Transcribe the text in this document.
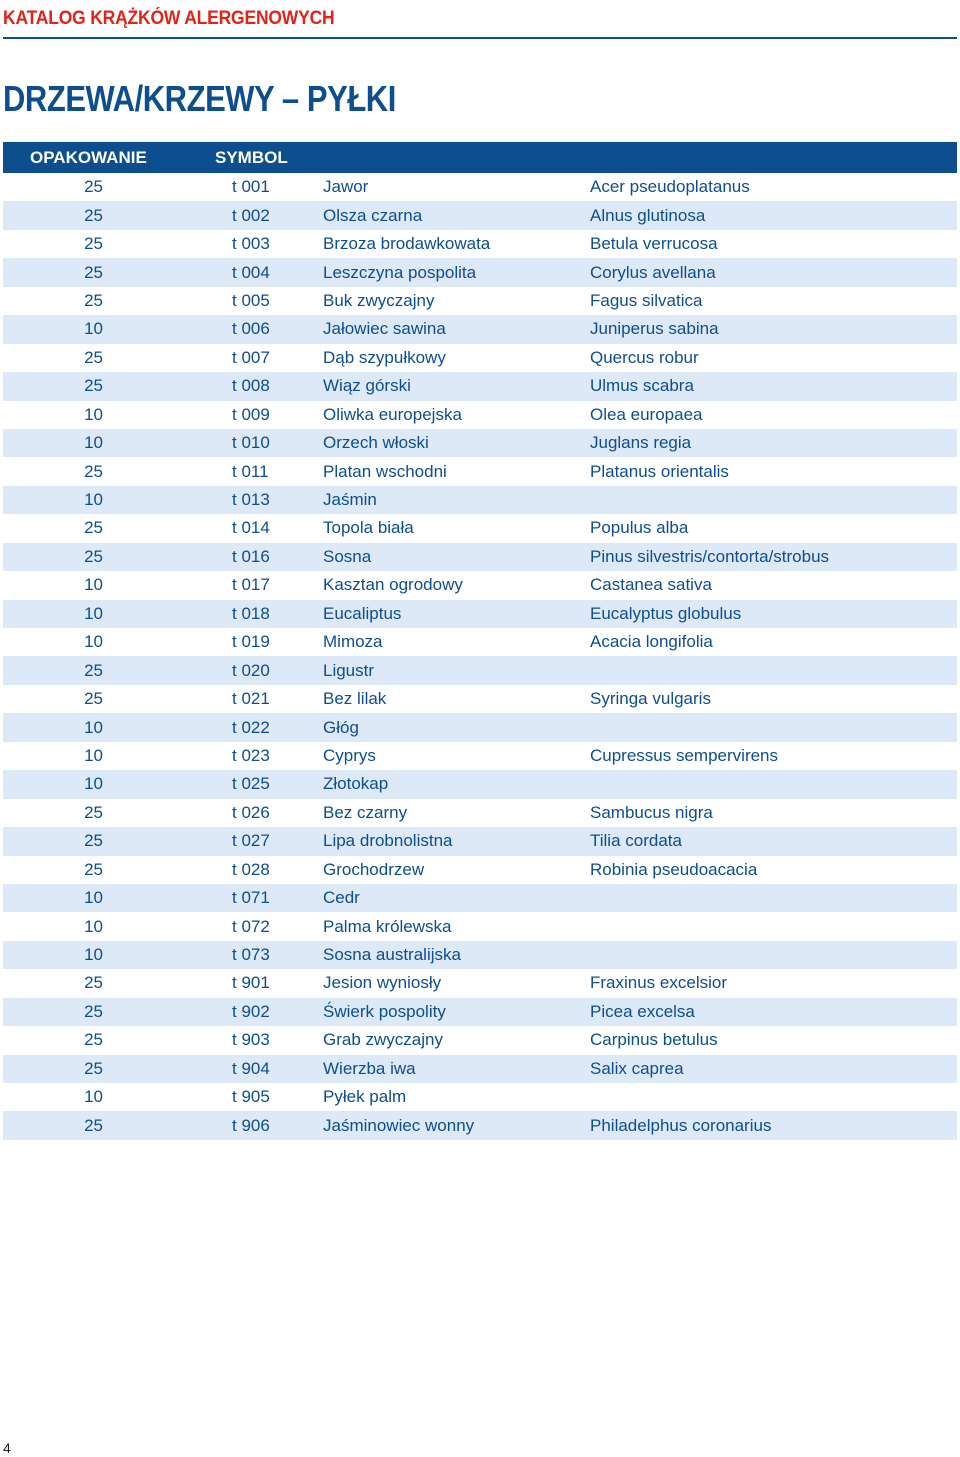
KATALOG KRĄŻKÓW ALERGENOWYCH
DRZEWA/KRZEWY – PYŁKI
OPAKOWANIE	SYMBOL
25	t 001	Jawor	Acer pseudoplatanus
25	t 002	Olsza czarna	Alnus glutinosa
25	t 003	Brzoza brodawkowata	Betula verrucosa
25	t 004	Leszczyna pospolita	Corylus avellana
25	t 005	Buk zwyczajny	Fagus silvatica
10	t 006	Jałowiec sawina	Juniperus sabina
25	t 007	Dąb szypułkowy	Quercus robur
25	t 008	Wiąz górski	Ulmus scabra
10	t 009	Oliwka europejska	Olea europaea
10	t 010	Orzech włoski	Juglans regia
25	t 011	Platan wschodni	Platanus orientalis
10	t 013	Jaśmin
25	t 014	Topola biała	Populus alba
25	t 016	Sosna	Pinus silvestris/contorta/strobus
10	t 017	Kasztan ogrodowy	Castanea sativa
10	t 018	Eucaliptus	Eucalyptus globulus
10	t 019	Mimoza	Acacia longifolia
25	t 020	Ligustr
25	t 021	Bez lilak	Syringa vulgaris
10	t 022	Głóg
10	t 023	Cyprys	Cupressus sempervirens
10	t 025	Złotokap
25	t 026	Bez czarny	Sambucus nigra
25	t 027	Lipa drobnolistna	Tilia cordata
25	t 028	Grochodrzew	Robinia pseudoacacia
10	t 071	Cedr
10	t 072	Palma królewska
10	t 073	Sosna australijska
25	t 901	Jesion wyniosły	Fraxinus excelsior
25	t 902	Świerk pospolity	Picea excelsa
25	t 903	Grab zwyczajny	Carpinus betulus
25	t 904	Wierzba iwa	Salix caprea
10	t 905	Pyłek palm
25	t 906	Jaśminowiec wonny	Philadelphus coronarius
4
